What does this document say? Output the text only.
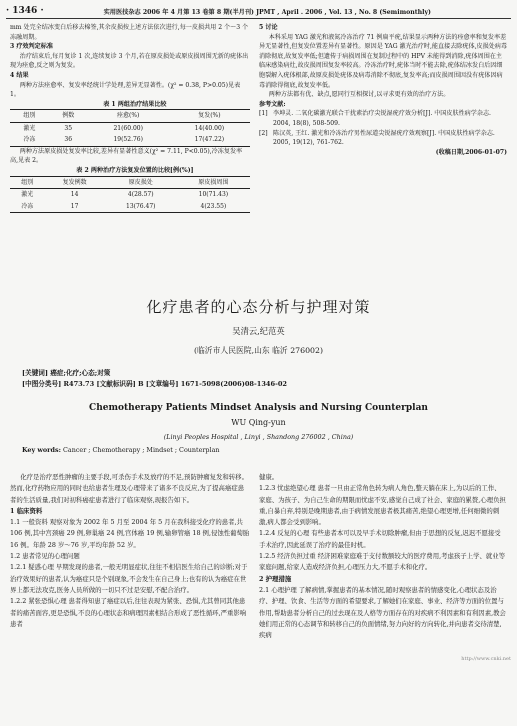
· 1346 ·	实用医技杂志 2006 年 4 月第 13 卷第 8 期(半月刊) JPMT , April . 2006 , Vol. 13 , No. 8 (Semimonthly)

mm 处完全结冰变白后移去棉签,其余皮损按上述方法依次进行,每一皮损共用 2 个～3 个冻融周期。

3 疗效判定标准

治疗结束后,每月复诊 1 次,连续复诊 3 个月,若在原皮损处或原皮损周围无新的疣体出现为痊愈,反之则为复发。

4 结果

两种方法痊愈率、复发率经统计学处理,差异无显著性。(χ² = 0.38, P>0.05)见表 1。

表 1 两组治疗结果比较

组别	例数	痊愈(%)	复发(%)
激光	35	21(60.00)	14(40.00)
冷冻	36	19(52.76)	17(47.22)

两种方法原皮损处复发率比较,差异有显著性意义(χ² = 7.11, P<0.05),冷冻复发率高,见表 2。

表 2 两种治疗方法复发位置的比较[例(%)]

组别	复发例数	原皮损处	原皮损周围
激光	14	4(28.57)	10(71.43)
冷冻	17	13(76.47)	4(23.55)

5 讨论

本科采用 YAG 激光和液氮冷冻治疗 71 例扁平疣,结果显示两种方法的痊愈率和复发率差异无显著性,但复发位置差异有显著性。原因是 YAG 激光治疗时,能直接去除疣体,皮损处病毒消除彻底,故复发率低;但遗传于病损周围在复制过程中的 HPV 未能得到消除,疣体周围在主临床感染病灶,故皮损周围复发率较高。冷冻治疗时,疣体当时不能去除,疣体结冰发白后因细胞裂解入疣体根部,故原皮损处疣体及病毒消除不彻底,复发率高;而皮损周围因没有疣体因病毒消除得彻底,故复发率低。

两种方法都有优、缺点,愿同行互相探讨,以寻求更有效的治疗方法。

参考文献:

[1] 李坤灵. 二氧化碳激光联合干扰素治疗尖锐湿疣疗效分析[J]. 中国皮肤性病学杂志. 2004, 18(8), 508-509.
[2] 陈汉英, 王红. 激光和冷冻治疗男性尿道尖锐湿疣疗效观察[J]. 中国皮肤性病学杂志. 2005, 19(12), 761-762.
(收稿日期,2006-01-07)
化疗患者的心态分析与护理对策
吴清云,纪范英
(临沂市人民医院,山东 临沂 276002)
[关键词] 癌症;化疗;心态;对策
[中图分类号] R473.73 [文献标识码] B [文章编号] 1671-5098(2006)08-1346-02
Chemotherapy Patients Mindset Analysis and Nursing Counterplan
WU Qing-yun
(Linyi Peoples Hospital , Linyi , Shandong 276002 , China)
Key words: Cancer ; Chemotherapy ; Mindset ; Counterplan

化疗是治疗恶性肿瘤的主要手段,可杀伤手术及放疗的不足,预防肿瘤复发和转移。然而,化疗药物应用的同时也给患者生理及心理带来了诸多不良反应,为了提高癌症患者的生活质量,我们对初科癌症患者进行了临床观察,现报告如下。

1 临床资料

1.1 一般资料 观察对象为 2002 年 5 月至 2004 年 5 月在我科接受化疗的患者,共 106 例,其中宫颈癌 29 例,卵巢癌 24 例,官体癌 19 例,输卵管癌 18 例,侵蚀性葡萄胎 16 例。年龄 28 岁～76 岁,平均年龄 52 岁。

1.2 患者常见的心理问题

1.2.1 疑惑心理 早期发现的患者,一般无明显症状,往往不相信医生给自己的诊断;对于治疗效果好的患者,认为癌症只是个别现象,不会发生在自己身上;也有的认为癌症在世界上都无法攻克,医务人员所做的一切只不过是安慰,不配合治疗。

1.2.2 紧张恐惧心理 患者得知患了癌症以后,往往表现为紧张、恐惧,尤其曾同其他患者的痛苦面容,更是恐惧,不良的心理状态和病理因素相结合形成了恶性循环,严重影响患者

健康。

1.2.3 忧虑绝望心理 患者一旦由正常角色转为病人角色,整天躺在床上,为以后的工作、家庭、为孩子、为自己生命的期限而忧虑不安,感觉自己成了社会、家庭的累赘,心理负担重,自暴自弃,特别是晚期患者,由于病情发展患者极其痛苦,绝望心理更增,任何细微的刺激,病人都会受到影响。

1.2.4 反复的心理 有些患者本可以及早手术切除肿瘤,但由于思想的反复,迟迟不愿接受手术治疗,因此延误了治疗的最佳时机。

1.2.5 经济负担过重 经济困难家庭难于支付数额较大的医疗费用,考虑孩子上学、就业等家庭问题,给家人造成经济负担,心理压力大,不愿手术和化疗。

2 护理措施

2.1 心理护理 了解病情,掌握患者的基本情况,随时观察患者的情感变化,心理状态及治疗、护理、饮食、生活等方面的希望要求,了解她们在家庭、事业、经济等方面的位置与作用,帮助患者分析自己的过去现在及人格等方面存在的对疾病不利因素和有利因素,教会她们用正常的心态调节和转移自己的负面情绪,努力向好的方向转化,并向患者交待清楚,疾病

http://www.cnki.net
